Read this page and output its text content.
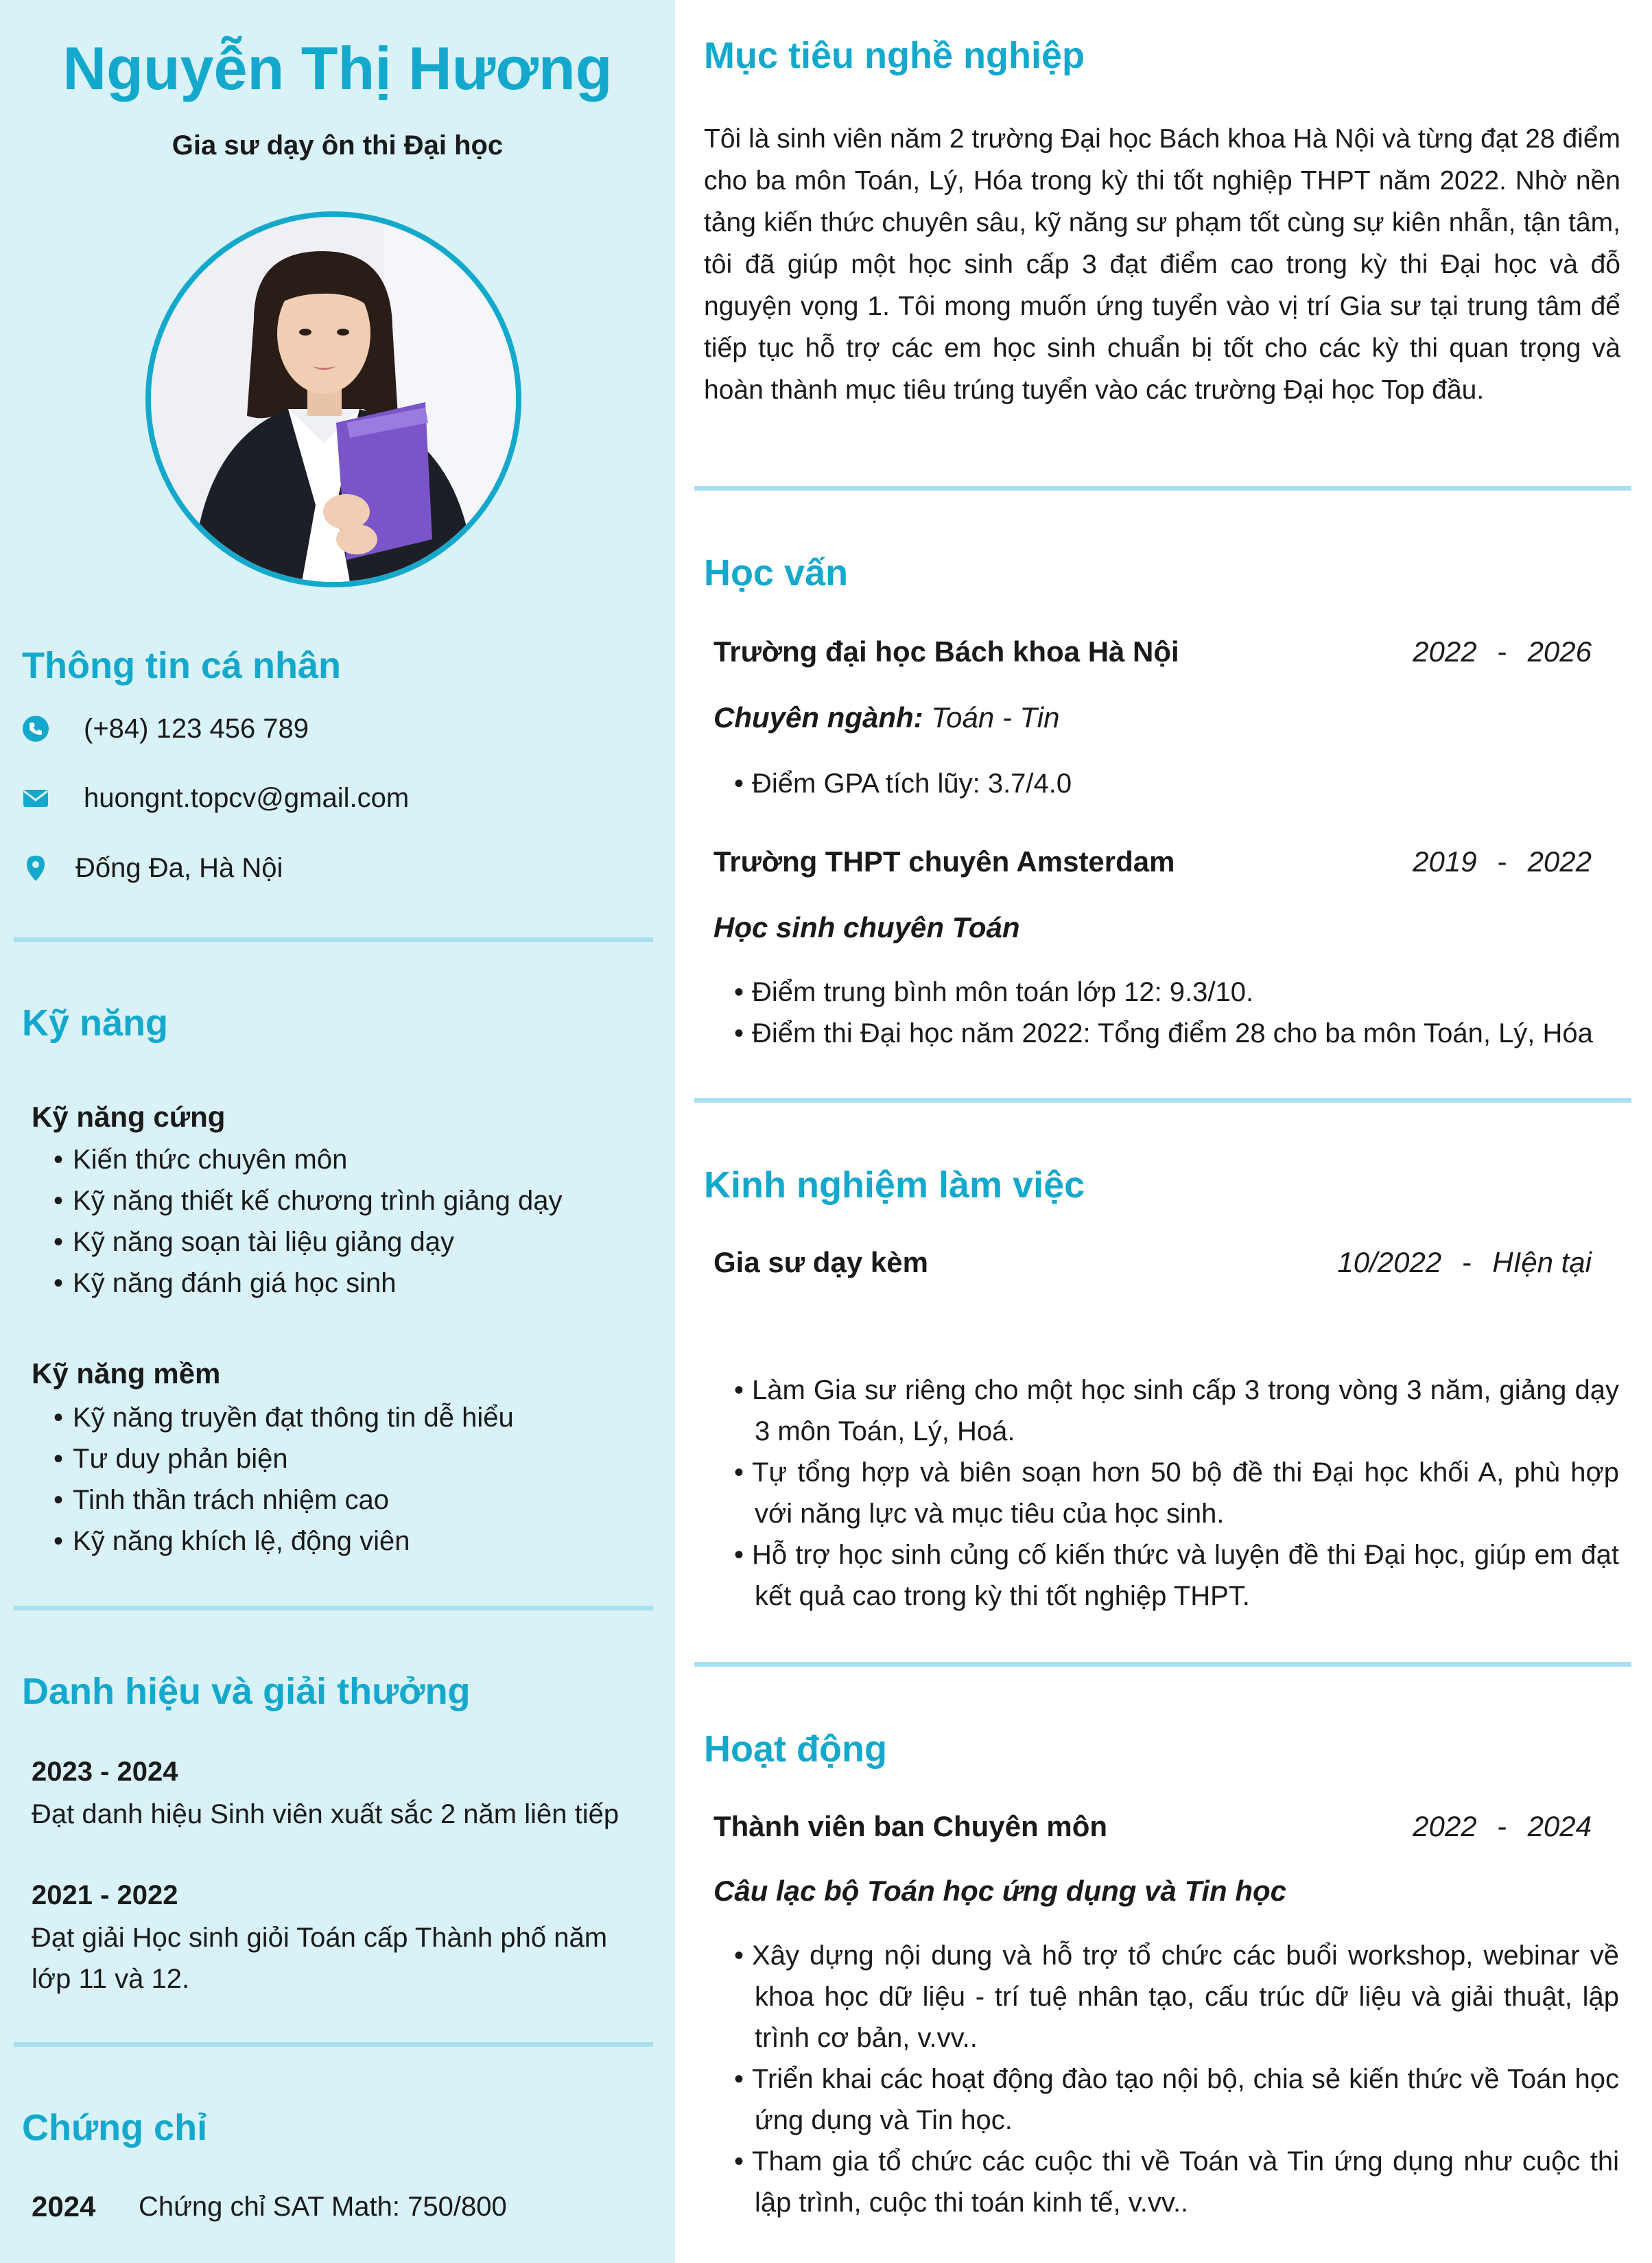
Nguyễn Thị Hương
Gia sư dạy ôn thi Đại học
Thông tin cá nhân
(+84) 123 456 789
huongnt.topcv@gmail.com
Đống Đa, Hà Nội
Kỹ năng
Kỹ năng cứng
• Kiến thức chuyên môn
• Kỹ năng thiết kế chương trình giảng dạy
• Kỹ năng soạn tài liệu giảng dạy
• Kỹ năng đánh giá học sinh
Kỹ năng mềm
• Kỹ năng truyền đạt thông tin dễ hiểu
• Tư duy phản biện
• Tinh thần trách nhiệm cao
• Kỹ năng khích lệ, động viên
Danh hiệu và giải thưởng
2023 - 2024
Đạt danh hiệu Sinh viên xuất sắc 2 năm liên tiếp
2021 - 2022
Đạt giải Học sinh giỏi Toán cấp Thành phố năm lớp 11 và 12.
Chứng chỉ
2024 Chứng chỉ SAT Math: 750/800
Mục tiêu nghề nghiệp
Tôi là sinh viên năm 2 trường Đại học Bách khoa Hà Nội và từng đạt 28 điểm cho ba môn Toán, Lý, Hóa trong kỳ thi tốt nghiệp THPT năm 2022. Nhờ nền tảng kiến thức chuyên sâu, kỹ năng sư phạm tốt cùng sự kiên nhẫn, tận tâm, tôi đã giúp một học sinh cấp 3 đạt điểm cao trong kỳ thi Đại học và đỗ nguyện vọng 1. Tôi mong muốn ứng tuyển vào vị trí Gia sư tại trung tâm để tiếp tục hỗ trợ các em học sinh chuẩn bị tốt cho các kỳ thi quan trọng và hoàn thành mục tiêu trúng tuyển vào các trường Đại học Top đầu.
Học vấn
Trường đại học Bách khoa Hà Nội	2022 - 2026
Chuyên ngành: Toán - Tin
• Điểm GPA tích lũy: 3.7/4.0
Trường THPT chuyên Amsterdam	2019 - 2022
Học sinh chuyên Toán
• Điểm trung bình môn toán lớp 12: 9.3/10.
• Điểm thi Đại học năm 2022: Tổng điểm 28 cho ba môn Toán, Lý, Hóa
Kinh nghiệm làm việc
Gia sư dạy kèm	10/2022 - HIện tại
• Làm Gia sư riêng cho một học sinh cấp 3 trong vòng 3 năm, giảng dạy 3 môn Toán, Lý, Hoá.
• Tự tổng hợp và biên soạn hơn 50 bộ đề thi Đại học khối A, phù hợp với năng lực và mục tiêu của học sinh.
• Hỗ trợ học sinh củng cố kiến thức và luyện đề thi Đại học, giúp em đạt kết quả cao trong kỳ thi tốt nghiệp THPT.
Hoạt động
Thành viên ban Chuyên môn	2022 - 2024
Câu lạc bộ Toán học ứng dụng và Tin học
• Xây dựng nội dung và hỗ trợ tổ chức các buổi workshop, webinar về khoa học dữ liệu - trí tuệ nhân tạo, cấu trúc dữ liệu và giải thuật, lập trình cơ bản, v.vv..
• Triển khai các hoạt động đào tạo nội bộ, chia sẻ kiến thức về Toán học ứng dụng và Tin học.
• Tham gia tổ chức các cuộc thi về Toán và Tin ứng dụng như cuộc thi lập trình, cuộc thi toán kinh tế, v.vv..
